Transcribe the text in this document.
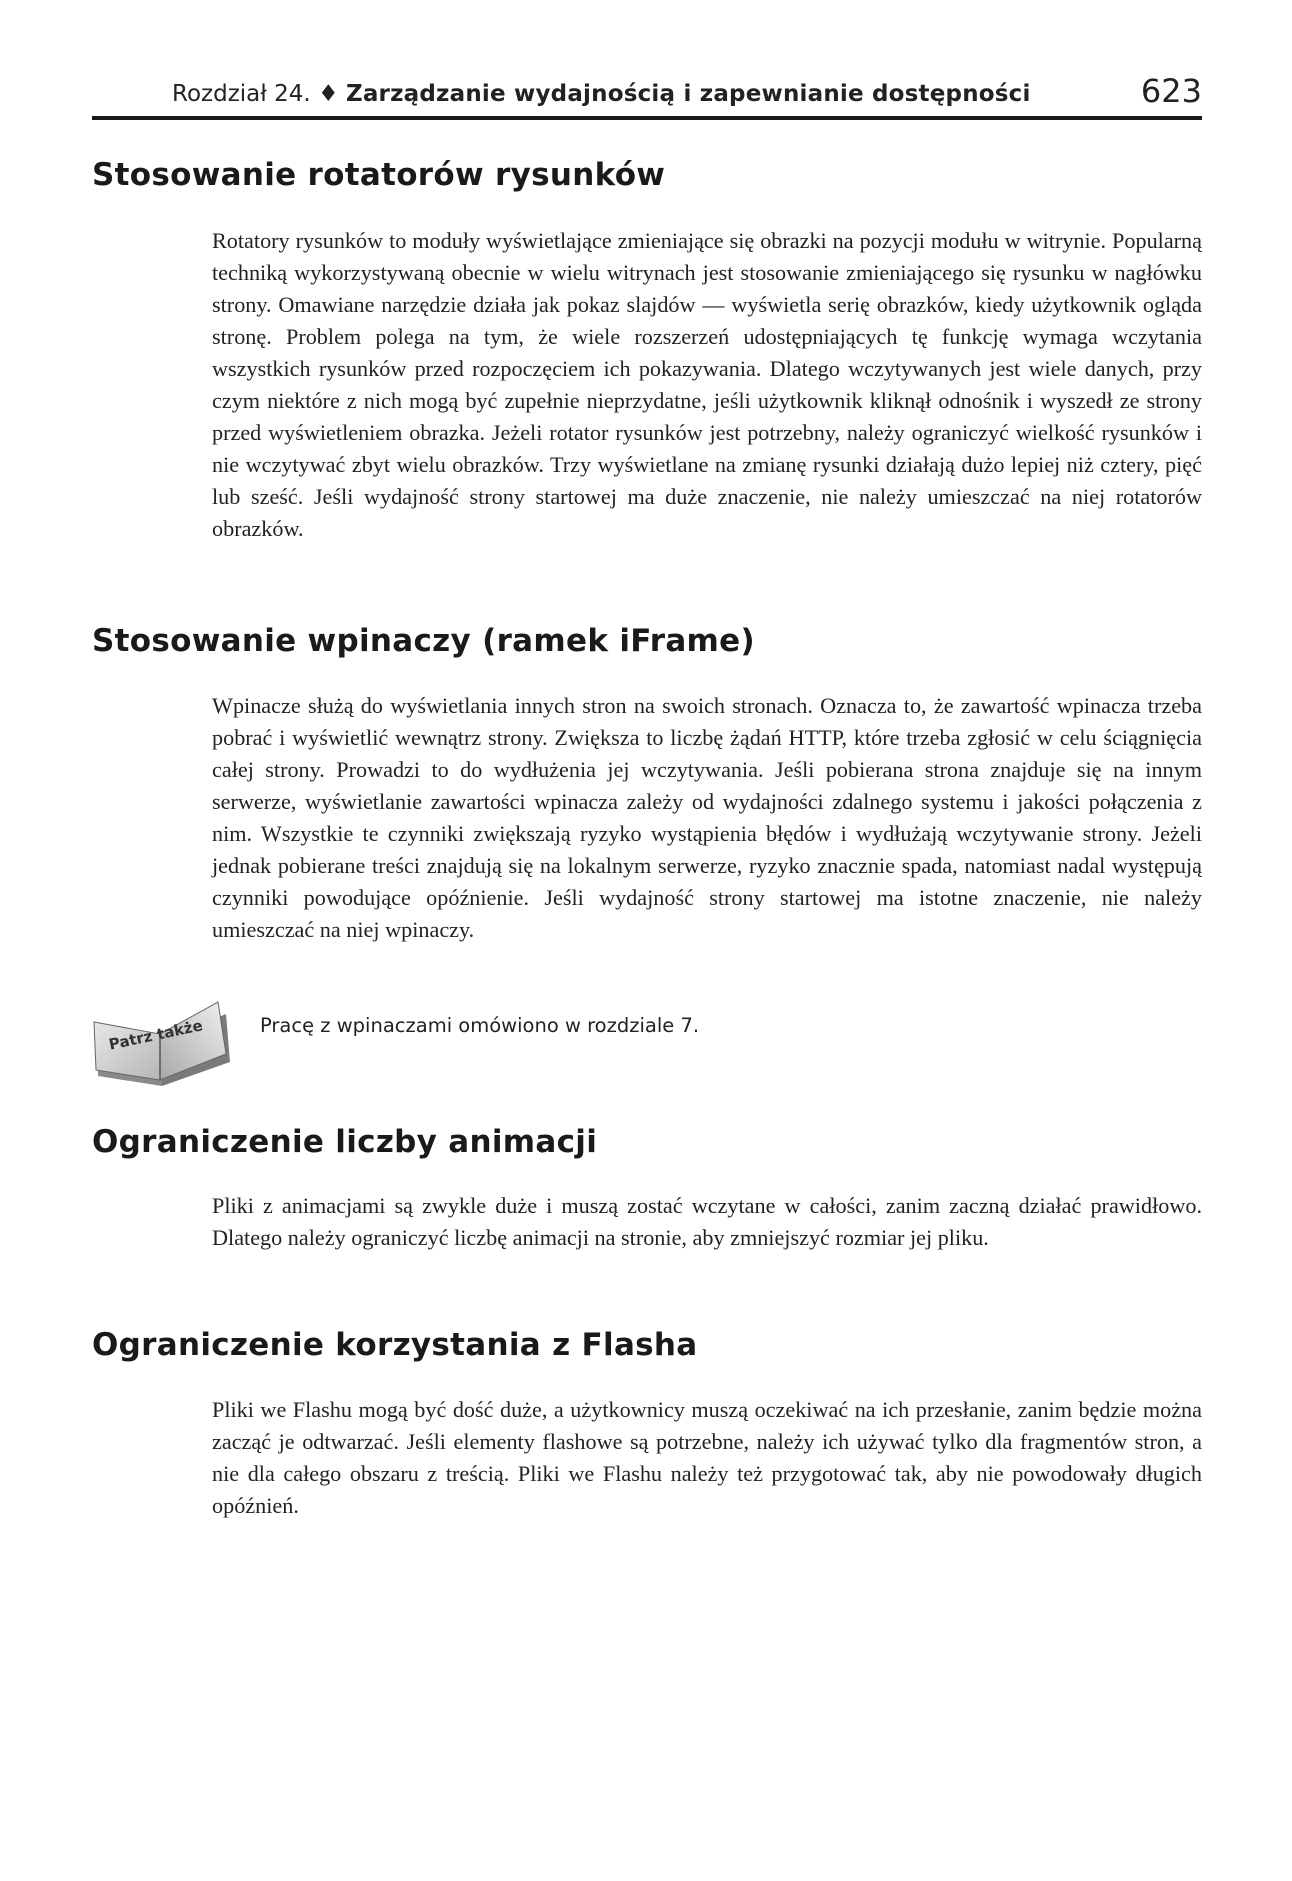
Rozdział 24. ♦ Zarządzanie wydajnością i zapewnianie dostępności	623
Stosowanie rotatorów rysunków

Rotatory rysunków to moduły wyświetlające zmieniające się obrazki na pozycji modułu w witrynie. Popularną techniką wykorzystywaną obecnie w wielu witrynach jest stosowanie zmieniającego się rysunku w nagłówku strony. Omawiane narzędzie działa jak pokaz slajdów — wyświetla serię obrazków, kiedy użytkownik ogląda stronę. Problem polega na tym, że wiele rozszerzeń udostępniających tę funkcję wymaga wczytania wszystkich rysunków przed rozpoczęciem ich pokazywania. Dlatego wczytywanych jest wiele danych, przy czym niektóre z nich mogą być zupełnie nieprzydatne, jeśli użytkownik kliknął odnośnik i wyszedł ze strony przed wyświetleniem obrazka. Jeżeli rotator rysunków jest potrzebny, należy ograniczyć wielkość rysunków i nie wczytywać zbyt wielu obrazków. Trzy wyświetlane na zmianę rysunki działają dużo lepiej niż cztery, pięć lub sześć. Jeśli wydajność strony startowej ma duże znaczenie, nie należy umieszczać na niej rotatorów obrazków.

Stosowanie wpinaczy (ramek iFrame)

Wpinacze służą do wyświetlania innych stron na swoich stronach. Oznacza to, że zawartość wpinacza trzeba pobrać i wyświetlić wewnątrz strony. Zwiększa to liczbę żądań HTTP, które trzeba zgłosić w celu ściągnięcia całej strony. Prowadzi to do wydłużenia jej wczytywania. Jeśli pobierana strona znajduje się na innym serwerze, wyświetlanie zawartości wpinacza zależy od wydajności zdalnego systemu i jakości połączenia z nim. Wszystkie te czynniki zwiększają ryzyko wystąpienia błędów i wydłużają wczytywanie strony. Jeżeli jednak pobierane treści znajdują się na lokalnym serwerze, ryzyko znacznie spada, natomiast nadal występują czynniki powodujące opóźnienie. Jeśli wydajność strony startowej ma istotne znaczenie, nie należy umieszczać na niej wpinaczy.

Patrz także	Pracę z wpinaczami omówiono w rozdziale 7.
Ograniczenie liczby animacji

Pliki z animacjami są zwykle duże i muszą zostać wczytane w całości, zanim zaczną działać prawidłowo. Dlatego należy ograniczyć liczbę animacji na stronie, aby zmniejszyć rozmiar jej pliku.

Ograniczenie korzystania z Flasha

Pliki we Flashu mogą być dość duże, a użytkownicy muszą oczekiwać na ich przesłanie, zanim będzie można zacząć je odtwarzać. Jeśli elementy flashowe są potrzebne, należy ich używać tylko dla fragmentów stron, a nie dla całego obszaru z treścią. Pliki we Flashu należy też przygotować tak, aby nie powodowały długich opóźnień.
